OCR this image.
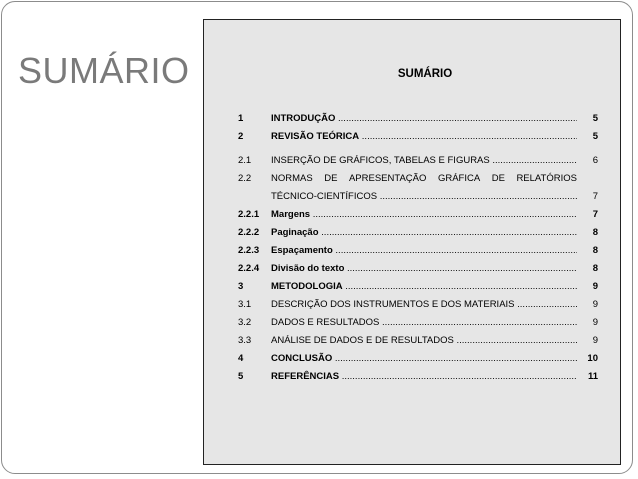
SUMÁRIO	SUMÁRIO
1	INTRODUÇÃO .....	5
2	REVISÃO TEÓRICA .....	5
2.1 INSERÇÃO DE GRÁFICOS, TABELAS E FIGURAS .....	6
2.2 NORMAS DE APRESENTAÇÃO GRÁFICA DE RELATÓRIOS
TÉCNICO-CIENTÍFICOS .....	7
2.2.1 Margens .....	7
2.2.2 Paginação .....	8
2.2.3 Espaçamento .....	8
2.2.4 Divisão do texto .....	8
3	METODOLOGIA .....	9
3.1 DESCRIÇÃO DOS INSTRUMENTOS E DOS MATERIAIS .....	9
3.2 DADOS E RESULTADOS .....	9
3.3 ANÁLISE DE DADOS E DE RESULTADOS .....	9
4	CONCLUSÃO .....	10
5	REFERÊNCIAS .....	11
